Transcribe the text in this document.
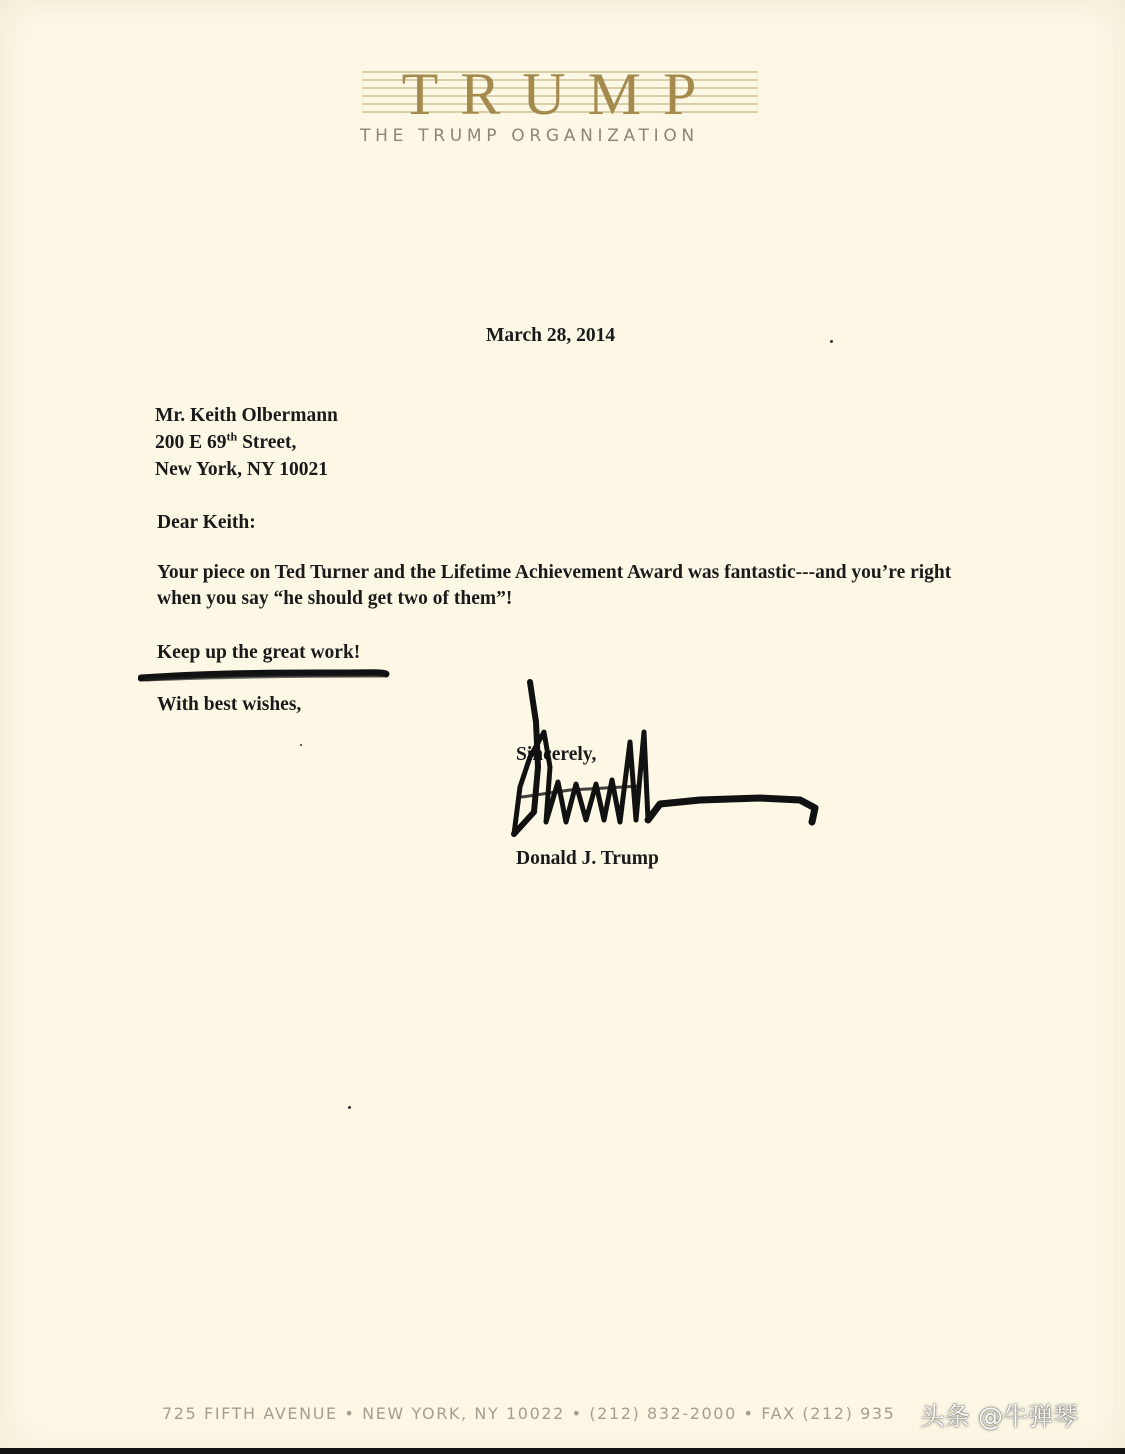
TRUMP
THE TRUMP ORGANIZATION
March 28, 2014
Mr. Keith Olbermann
200 E 69th Street,
New York, NY 10021
Dear Keith:
Your piece on Ted Turner and the Lifetime Achievement Award was fantastic---and you’re right when you say “he should get two of them”!
Keep up the great work!
With best wishes,
Sincerely,
Donald J. Trump
725 FIFTH AVENUE • NEW YORK, NY 10022 • (212) 832-2000 • FAX (212) 935 头条 @牛弹琴
